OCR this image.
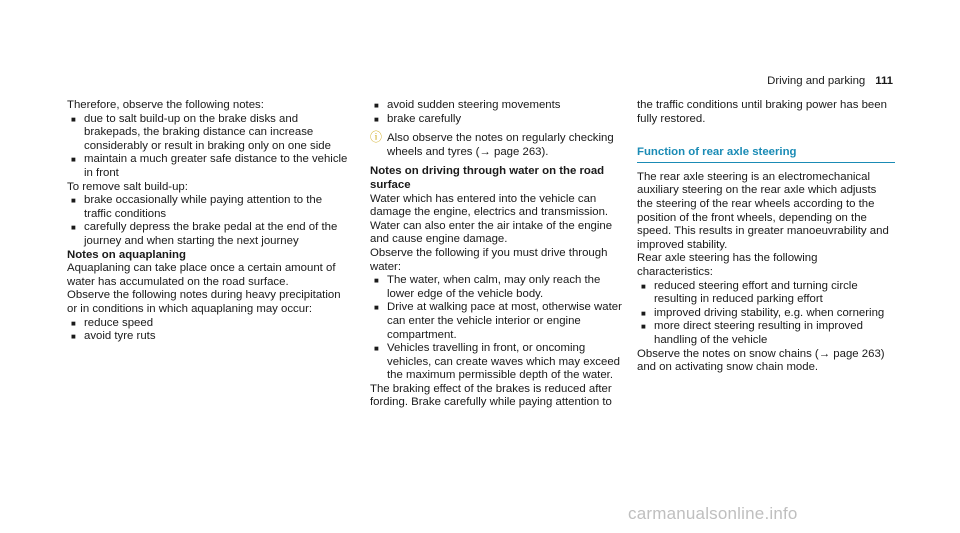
Driving and parking 111

Therefore, observe the following notes:

■ due to salt build-up on the brake disks and brakepads, the braking distance can increase considerably or result in braking only on one side
■ maintain a much greater safe distance to the vehicle in front

To remove salt build-up:

■ brake occasionally while paying attention to the traffic conditions
■ carefully depress the brake pedal at the end of the journey and when starting the next journey

Notes on aquaplaning

Aquaplaning can take place once a certain amount of water has accumulated on the road surface.

Observe the following notes during heavy precipitation or in conditions in which aquaplaning may occur:

■ reduce speed
■ avoid tyre ruts
■ avoid sudden steering movements
■ brake carefully

ⓘ Also observe the notes on regularly checking wheels and tyres (→ page 263).

Notes on driving through water on the road surface

Water which has entered into the vehicle can damage the engine, electrics and transmission.

Water can also enter the air intake of the engine and cause engine damage.

Observe the following if you must drive through water:

■ The water, when calm, may only reach the lower edge of the vehicle body.
■ Drive at walking pace at most, otherwise water can enter the vehicle interior or engine compartment.
■ Vehicles travelling in front, or oncoming vehicles, can create waves which may exceed the maximum permissible depth of the water.

The braking effect of the brakes is reduced after fording. Brake carefully while paying attention to

the traffic conditions until braking power has been fully restored.

Function of rear axle steering

The rear axle steering is an electromechanical auxiliary steering on the rear axle which adjusts the steering of the rear wheels according to the position of the front wheels, depending on the speed. This results in greater manoeuvrability and improved stability.

Rear axle steering has the following characteristics:

■ reduced steering effort and turning circle resulting in reduced parking effort
■ improved driving stability, e.g. when cornering
■ more direct steering resulting in improved handling of the vehicle

Observe the notes on snow chains (→ page 263) and on activating snow chain mode.

carmanualsonline.info
